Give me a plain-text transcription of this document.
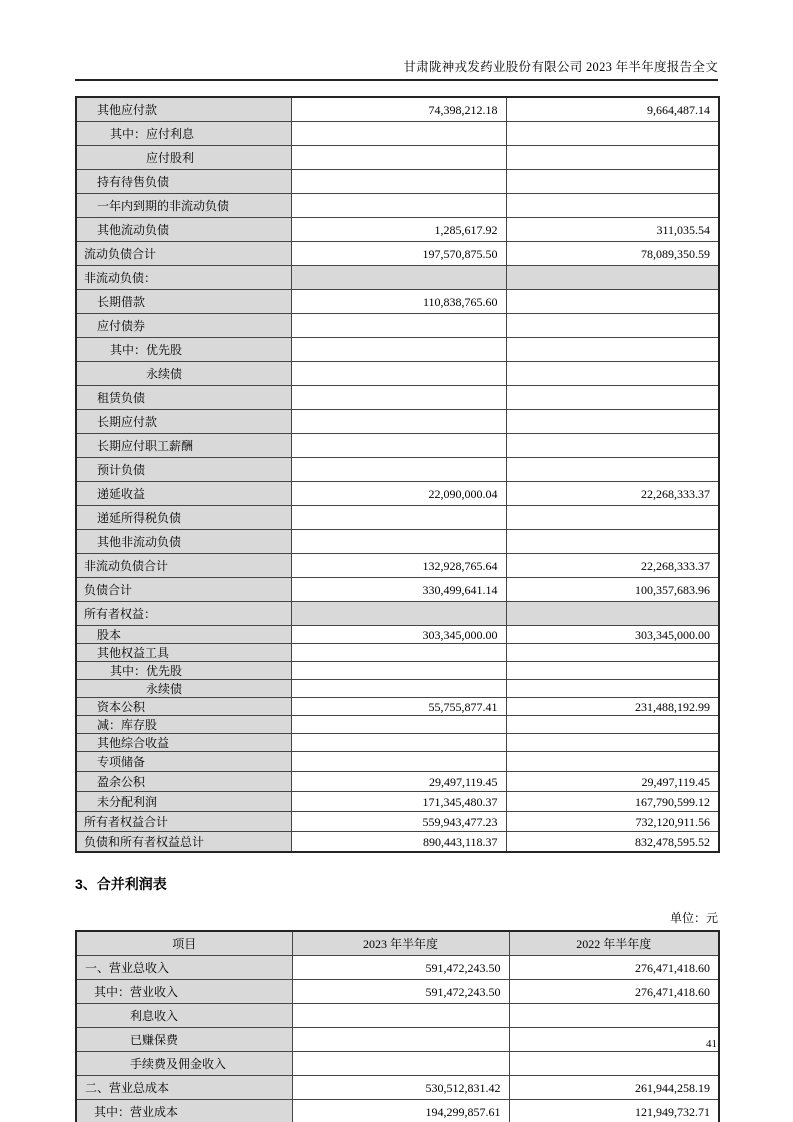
甘肃陇神戎发药业股份有限公司 2023 年半年度报告全文
其他应付款	74,398,212.18	9,664,487.14
其中：应付利息		
应付股利		
持有待售负债		
一年内到期的非流动负债		
其他流动负债	1,285,617.92	311,035.54
流动负债合计	197,570,875.50	78,089,350.59
非流动负债：		
长期借款	110,838,765.60	
应付债券		
其中：优先股		
永续债		
租赁负债		
长期应付款		
长期应付职工薪酬		
预计负债		
递延收益	22,090,000.04	22,268,333.37
递延所得税负债		
其他非流动负债		
非流动负债合计	132,928,765.64	22,268,333.37
负债合计	330,499,641.14	100,357,683.96
所有者权益：		
股本	303,345,000.00	303,345,000.00
其他权益工具		
其中：优先股		
永续债		
资本公积	55,755,877.41	231,488,192.99
减：库存股		
其他综合收益		
专项储备		
盈余公积	29,497,119.45	29,497,119.45
未分配利润	171,345,480.37	167,790,599.12
所有者权益合计	559,943,477.23	732,120,911.56
负债和所有者权益总计	890,443,118.37	832,478,595.52
3、合并利润表
单位：元
项目	2023 年半年度	2022 年半年度
一、营业总收入	591,472,243.50	276,471,418.60
其中：营业收入	591,472,243.50	276,471,418.60
利息收入		
已赚保费		
手续费及佣金收入		
二、营业总成本	530,512,831.42	261,944,258.19
其中：营业成本	194,299,857.61	121,949,732.71
41
